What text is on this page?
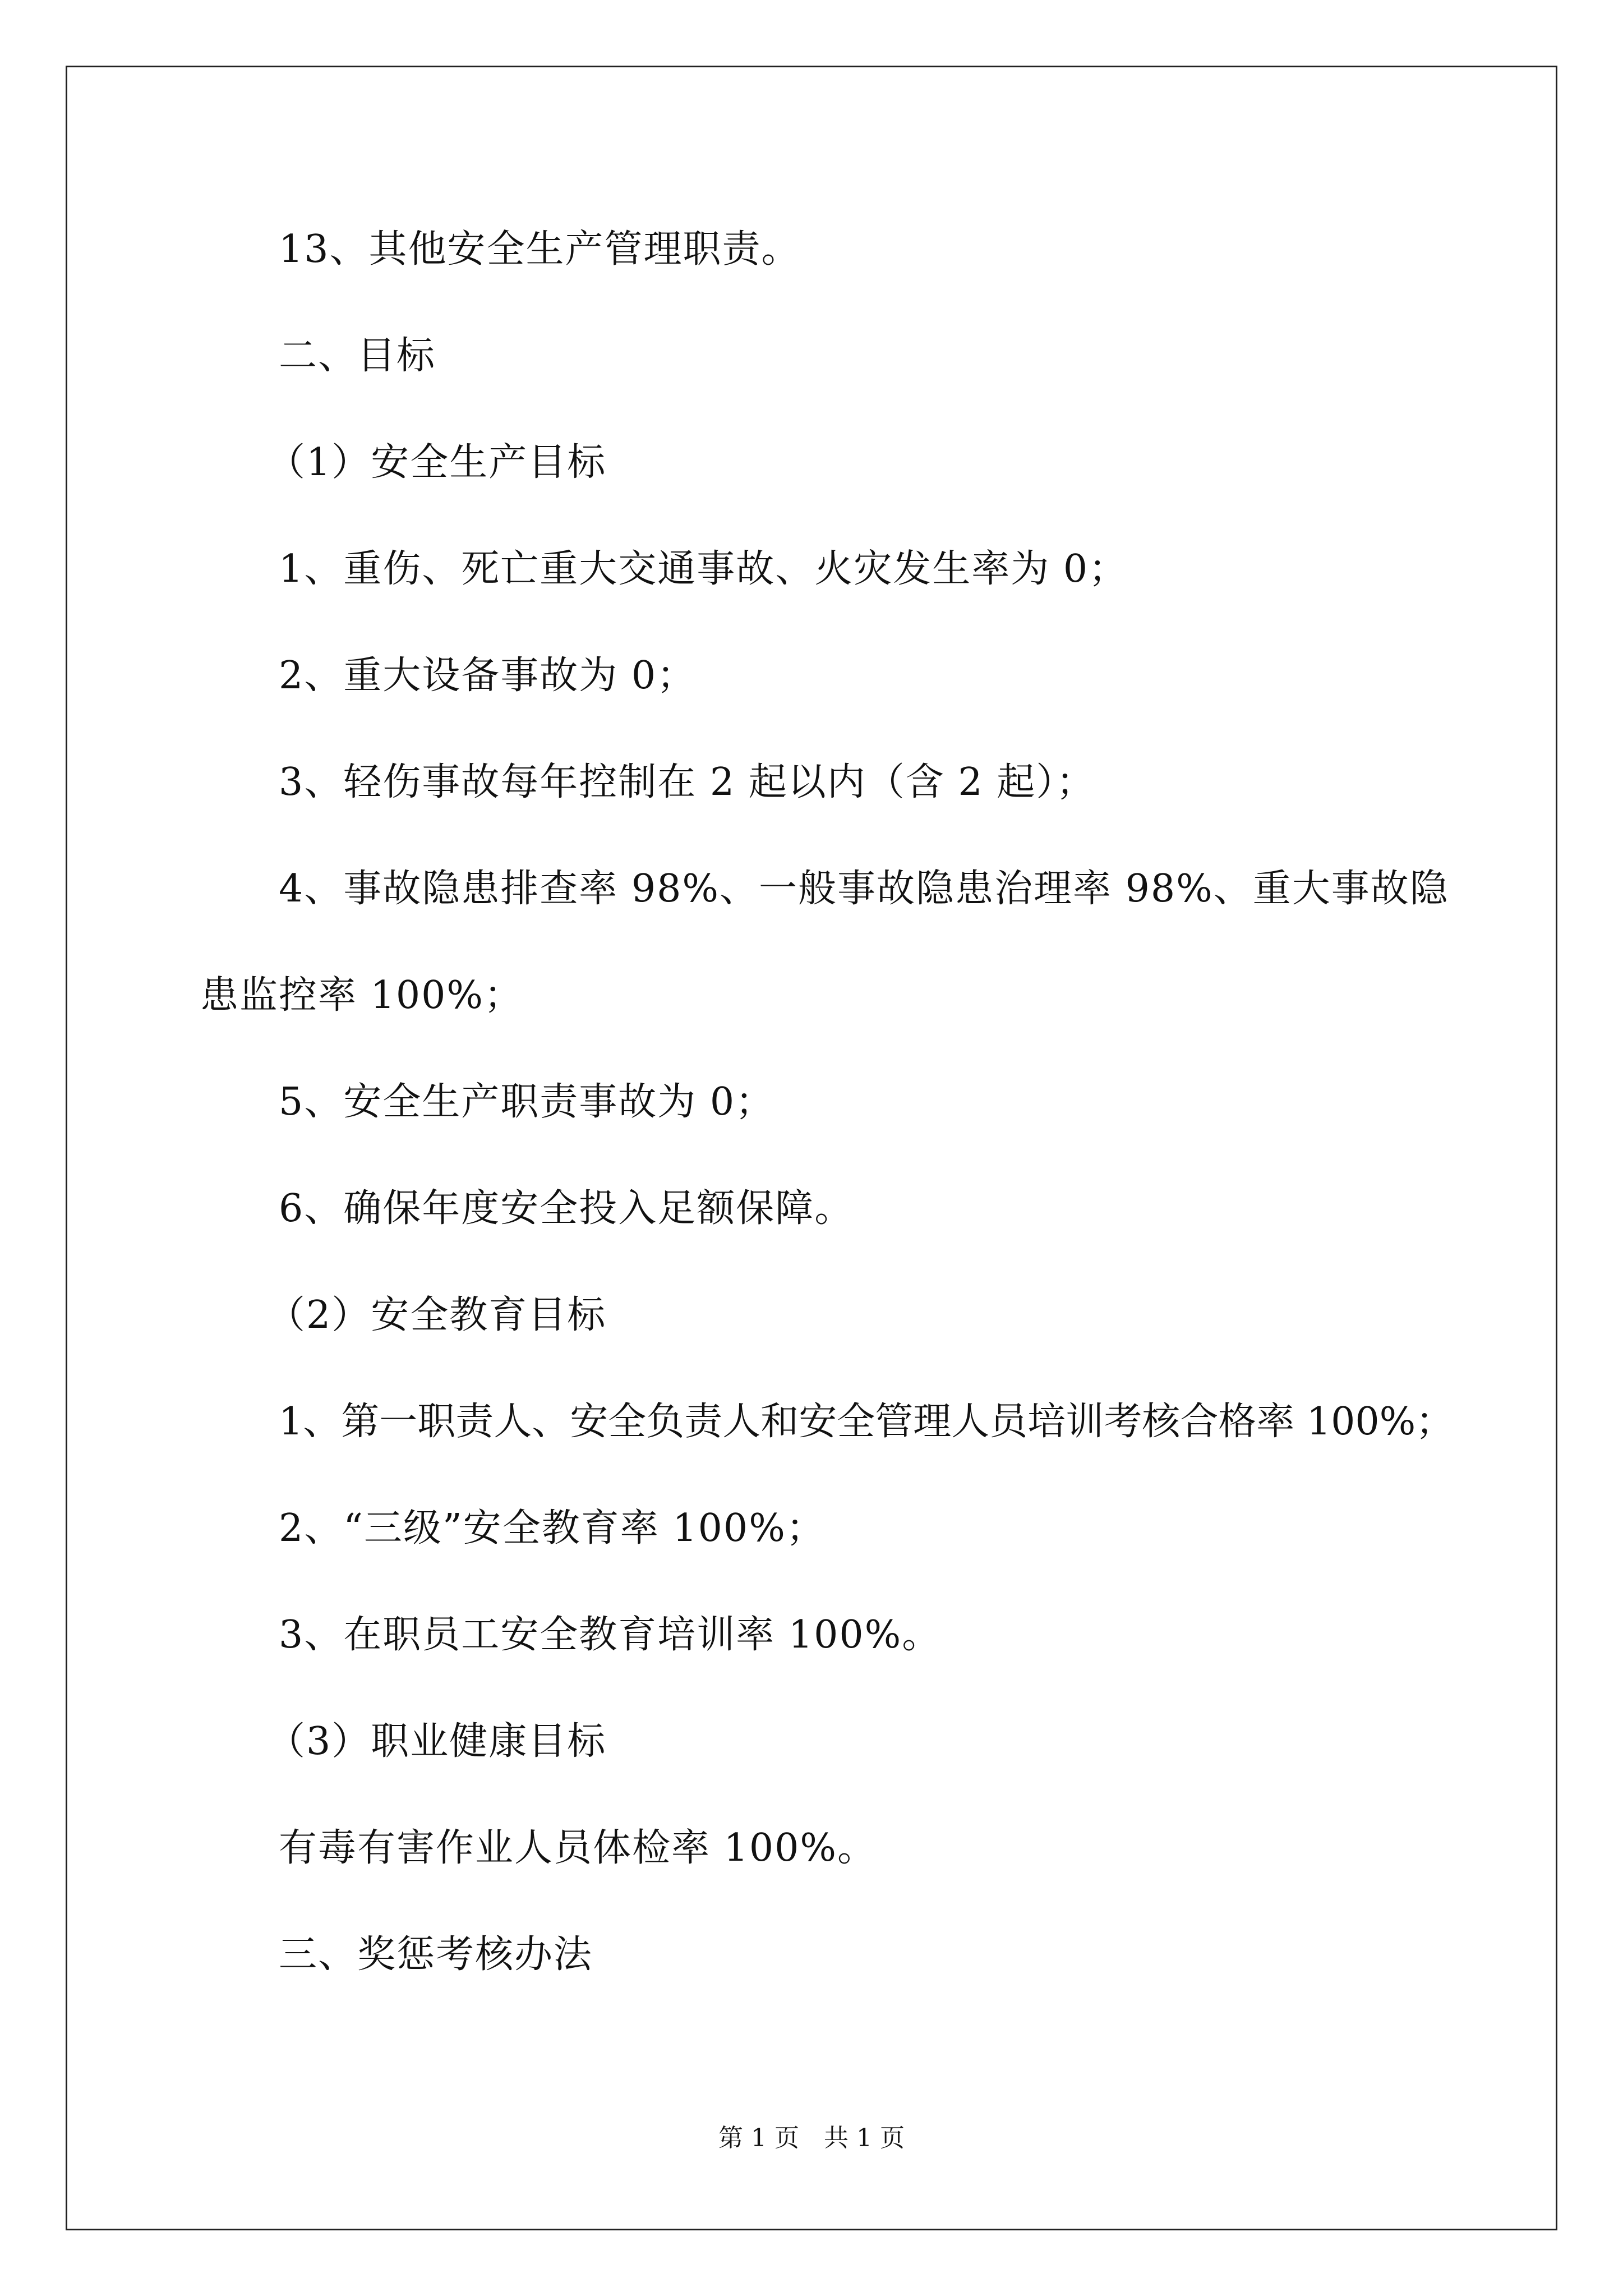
13、其他安全生产管理职责。
二、目标
（1）安全生产目标
1、重伤、死亡重大交通事故、火灾发生率为 0；
2、重大设备事故为 0；
3、轻伤事故每年控制在 2 起以内（含 2 起）；
4、事故隐患排查率 98%、一般事故隐患治理率 98%、重大事故隐
患监控率 100%；
5、安全生产职责事故为 0；
6、确保年度安全投入足额保障。
（2）安全教育目标
1、第一职责人、安全负责人和安全管理人员培训考核合格率 100%；
2、“三级”安全教育率 100%；
3、在职员工安全教育培训率 100%。
（3）职业健康目标
有毒有害作业人员体检率 100%。
三、奖惩考核办法
第 1 页　共 1 页
